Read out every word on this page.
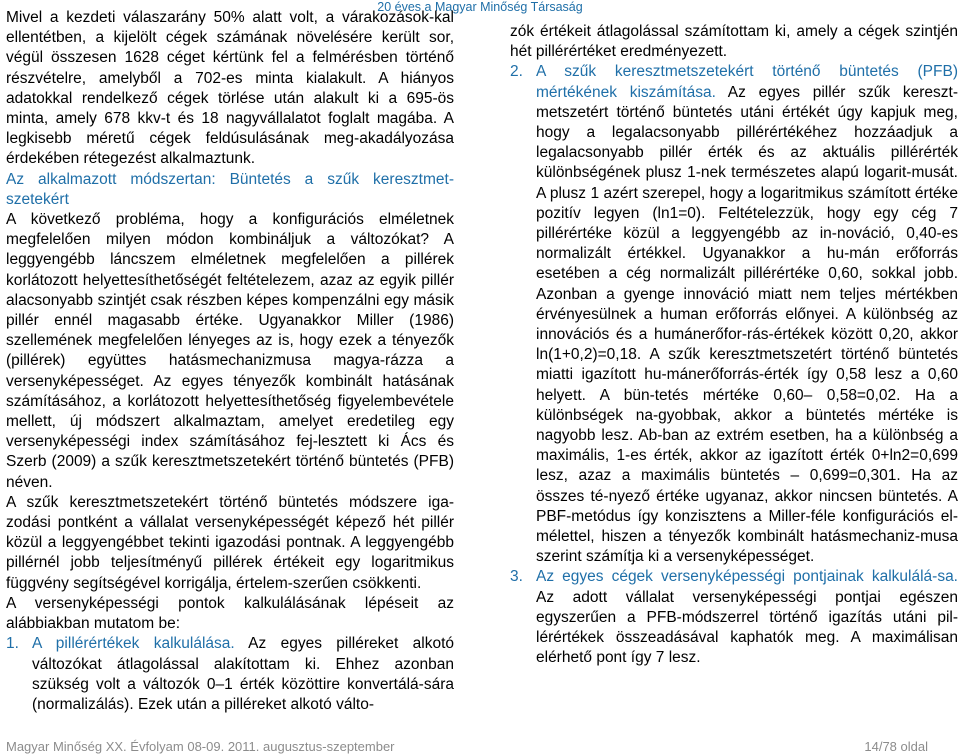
20 éves a Magyar Minőség Társaság

Mivel a kezdeti válaszarány 50% alatt volt, a várakozások-kal ellentétben, a kijelölt cégek számának növelésére került sor, végül összesen 1628 céget kértünk fel a felmérésben történő részvételre, amelyből a 702-es minta kialakult. A hiányos adatokkal rendelkező cégek törlése után alakult ki a 695-ös minta, amely 678 kkv-t és 18 nagyvállalatot foglalt magába. A legkisebb méretű cégek feldúsulásának meg-akadályozása érdekében rétegezést alkalmaztunk.

Az alkalmazott módszertan: Büntetés a szűk keresztmet-szetekért

A következő probléma, hogy a konfigurációs elméletnek megfelelően milyen módon kombináljuk a változókat? A leggyengébb láncszem elméletnek megfelelően a pillérek korlátozott helyettesíthetőségét feltételezem, azaz az egyik pillér alacsonyabb szintjét csak részben képes kompenzálni egy másik pillér ennél magasabb értéke. Ugyanakkor Miller (1986) szellemének megfelelően lényeges az is, hogy ezek a tényezők (pillérek) együttes hatásmechanizmusa magya-rázza a versenyképességet. Az egyes tényezők kombinált hatásának számításához, a korlátozott helyettesíthetőség figyelembevétele mellett, új módszert alkalmaztam, amelyet eredetileg egy versenyképességi index számításához fej-lesztett ki Ács és Szerb (2009) a szűk keresztmetszetekért történő büntetés (PFB) néven.

A szűk keresztmetszetekért történő büntetés módszere iga-zodási pontként a vállalat versenyképességét képező hét pillér közül a leggyengébbet tekinti igazodási pontnak. A leggyengébb pillérnél jobb teljesítményű pillérek értékeit egy logaritmikus függvény segítségével korrigálja, értelem-szerűen csökkenti.

A versenyképességi pontok kalkulálásának lépéseit az alábbiakban mutatom be:

1. A pillérértékek kalkulálása. Az egyes pilléreket alkotó változókat átlagolással alakítottam ki. Ehhez azonban szükség volt a változók 0–1 érték közöttire konvertálá-sára (normalizálás). Ezek után a pilléreket alkotó válto-

zók értékeit átlagolással számítottam ki, amely a cégek szintjén hét pillérértéket eredményezett.

2. A szűk keresztmetszetekért történő büntetés (PFB) mértékének kiszámítása. Az egyes pillér szűk kereszt-metszetért történő büntetés utáni értékét úgy kapjuk meg, hogy a legalacsonyabb pillérértékéhez hozzáadjuk a legalacsonyabb pillér érték és az aktuális pillérérték különbségének plusz 1-nek természetes alapú logarit-musát. A plusz 1 azért szerepel, hogy a logaritmikus számított értéke pozitív legyen (ln1=0). Feltételezzük, hogy egy cég 7 pillérértéke közül a leggyengébb az in-nováció, 0,40-es normalizált értékkel. Ugyanakkor a hu-mán erőforrás esetében a cég normalizált pillérértéke 0,60, sokkal jobb. Azonban a gyenge innováció miatt nem teljes mértékben érvényesülnek a human erőforrás előnyei. A különbség az innovációs és a humánerőfor-rás-értékek között 0,20, akkor ln(1+0,2)=0,18. A szűk keresztmetszetért történő büntetés miatti igazított hu-mánerőforrás-érték így 0,58 lesz a 0,60 helyett. A bün-tetés mértéke 0,60– 0,58=0,02. Ha a különbségek na-gyobbak, akkor a büntetés mértéke is nagyobb lesz. Ab-ban az extrém esetben, ha a különbség a maximális, 1-es érték, akkor az igazított érték 0+ln2=0,699 lesz, azaz a maximális büntetés – 0,699=0,301. Ha az összes té-nyező értéke ugyanaz, akkor nincsen büntetés. A PBF-metódus így konzisztens a Miller-féle konfigurációs el-mélettel, hiszen a tényezők kombinált hatásmechaniz-musa szerint számítja ki a versenyképességet.
3. Az egyes cégek versenyképességi pontjainak kalkulálá-sa. Az adott vállalat versenyképességi pontjai egészen egyszerűen a PFB-módszerrel történő igazítás utáni pil-lérértékek összeadásával kaphatók meg. A maximálisan elérhető pont így 7 lesz.
Magyar Minőség XX. Évfolyam 08-09. 2011. augusztus-szeptember	14/78 oldal
